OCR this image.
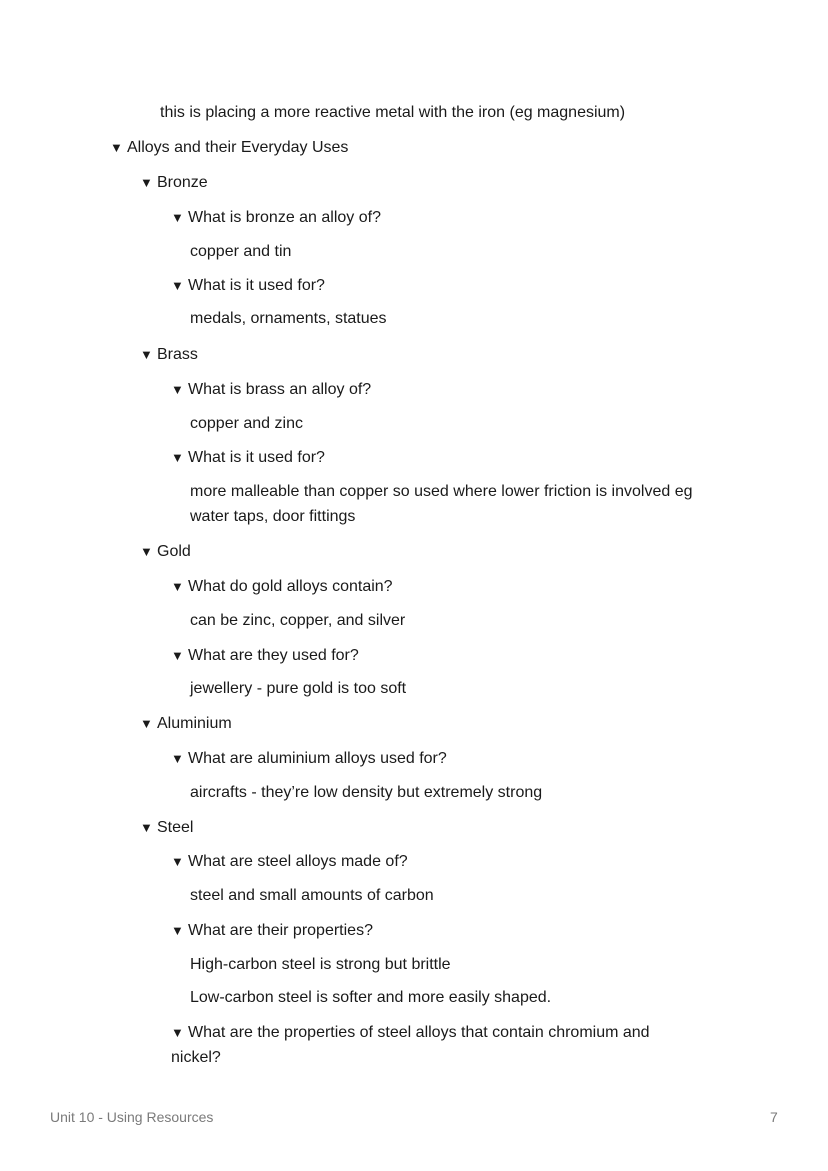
this is placing a more reactive metal with the iron (eg magnesium)
▼ Alloys and their Everyday Uses
▼ Bronze
▼ What is bronze an alloy of?
copper and tin
▼ What is it used for?
medals, ornaments, statues
▼ Brass
▼ What is brass an alloy of?
copper and zinc
▼ What is it used for?
more malleable than copper so used where lower friction is involved eg
water taps, door fittings
▼ Gold
▼ What do gold alloys contain?
can be zinc, copper, and silver
▼ What are they used for?
jewellery - pure gold is too soft
▼ Aluminium
▼ What are aluminium alloys used for?
aircrafts - they’re low density but extremely strong
▼ Steel
▼ What are steel alloys made of?
steel and small amounts of carbon
▼ What are their properties?
High-carbon steel is strong but brittle
Low-carbon steel is softer and more easily shaped.
▼ What are the properties of steel alloys that contain chromium and
nickel?
Unit 10 - Using Resources	7
